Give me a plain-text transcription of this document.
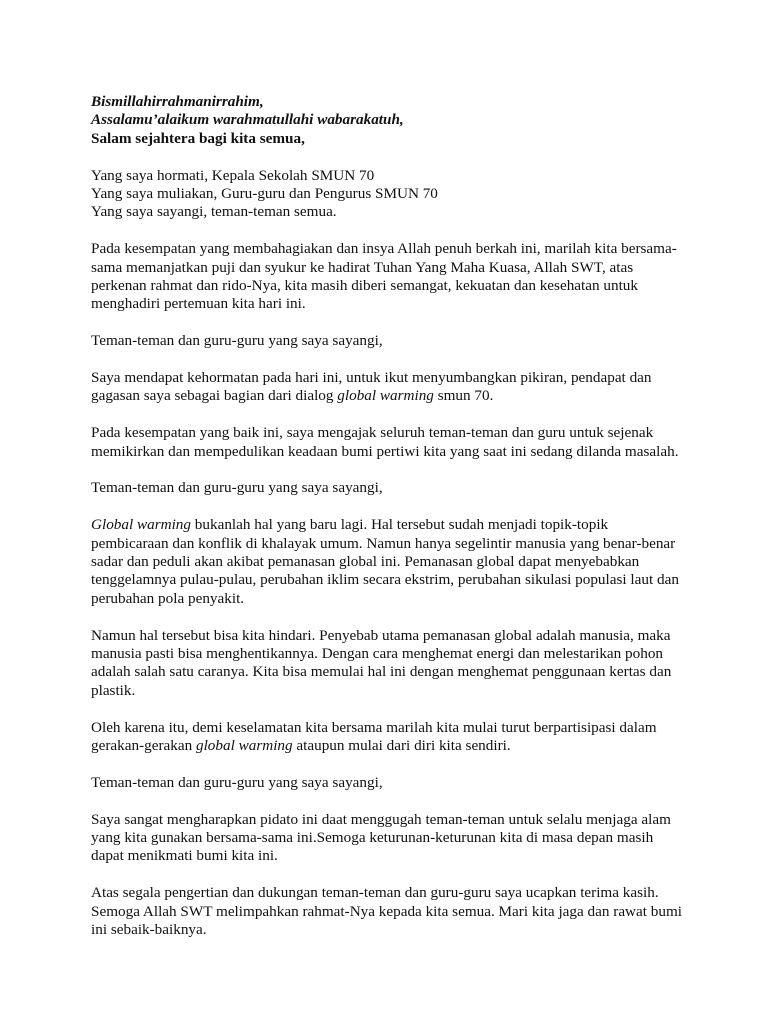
Bismillahirrahmanirrahim,
Assalamu’alaikum warahmatullahi wabarakatuh,
Salam sejahtera bagi kita semua,
Yang saya hormati, Kepala Sekolah SMUN 70
Yang saya muliakan, Guru-guru dan Pengurus SMUN 70
Yang saya sayangi, teman-teman semua.
Pada kesempatan yang membahagiakan dan insya Allah penuh berkah ini, marilah kita bersama-
sama memanjatkan puji dan syukur ke hadirat Tuhan Yang Maha Kuasa, Allah SWT, atas
perkenan rahmat dan rido-Nya, kita masih diberi semangat, kekuatan dan kesehatan untuk
menghadiri pertemuan kita hari ini.
Teman-teman dan guru-guru yang saya sayangi,
Saya mendapat kehormatan pada hari ini, untuk ikut menyumbangkan pikiran, pendapat dan
gagasan saya sebagai bagian dari dialog global warming smun 70.
Pada kesempatan yang baik ini, saya mengajak seluruh teman-teman dan guru untuk sejenak
memikirkan dan mempedulikan keadaan bumi pertiwi kita yang saat ini sedang dilanda masalah.
Teman-teman dan guru-guru yang saya sayangi,
Global warming bukanlah hal yang baru lagi. Hal tersebut sudah menjadi topik-topik
pembicaraan dan konflik di khalayak umum. Namun hanya segelintir manusia yang benar-benar
sadar dan peduli akan akibat pemanasan global ini. Pemanasan global dapat menyebabkan
tenggelamnya pulau-pulau, perubahan iklim secara ekstrim, perubahan sikulasi populasi laut dan
perubahan pola penyakit.
Namun hal tersebut bisa kita hindari. Penyebab utama pemanasan global adalah manusia, maka
manusia pasti bisa menghentikannya. Dengan cara menghemat energi dan melestarikan pohon
adalah salah satu caranya. Kita bisa memulai hal ini dengan menghemat penggunaan kertas dan
plastik.
Oleh karena itu, demi keselamatan kita bersama marilah kita mulai turut berpartisipasi dalam
gerakan-gerakan global warming ataupun mulai dari diri kita sendiri.
Teman-teman dan guru-guru yang saya sayangi,
Saya sangat mengharapkan pidato ini daat menggugah teman-teman untuk selalu menjaga alam
yang kita gunakan bersama-sama ini.Semoga keturunan-keturunan kita di masa depan masih
dapat menikmati bumi kita ini.
Atas segala pengertian dan dukungan teman-teman dan guru-guru saya ucapkan terima kasih.
Semoga Allah SWT melimpahkan rahmat-Nya kepada kita semua. Mari kita jaga dan rawat bumi
ini sebaik-baiknya.
